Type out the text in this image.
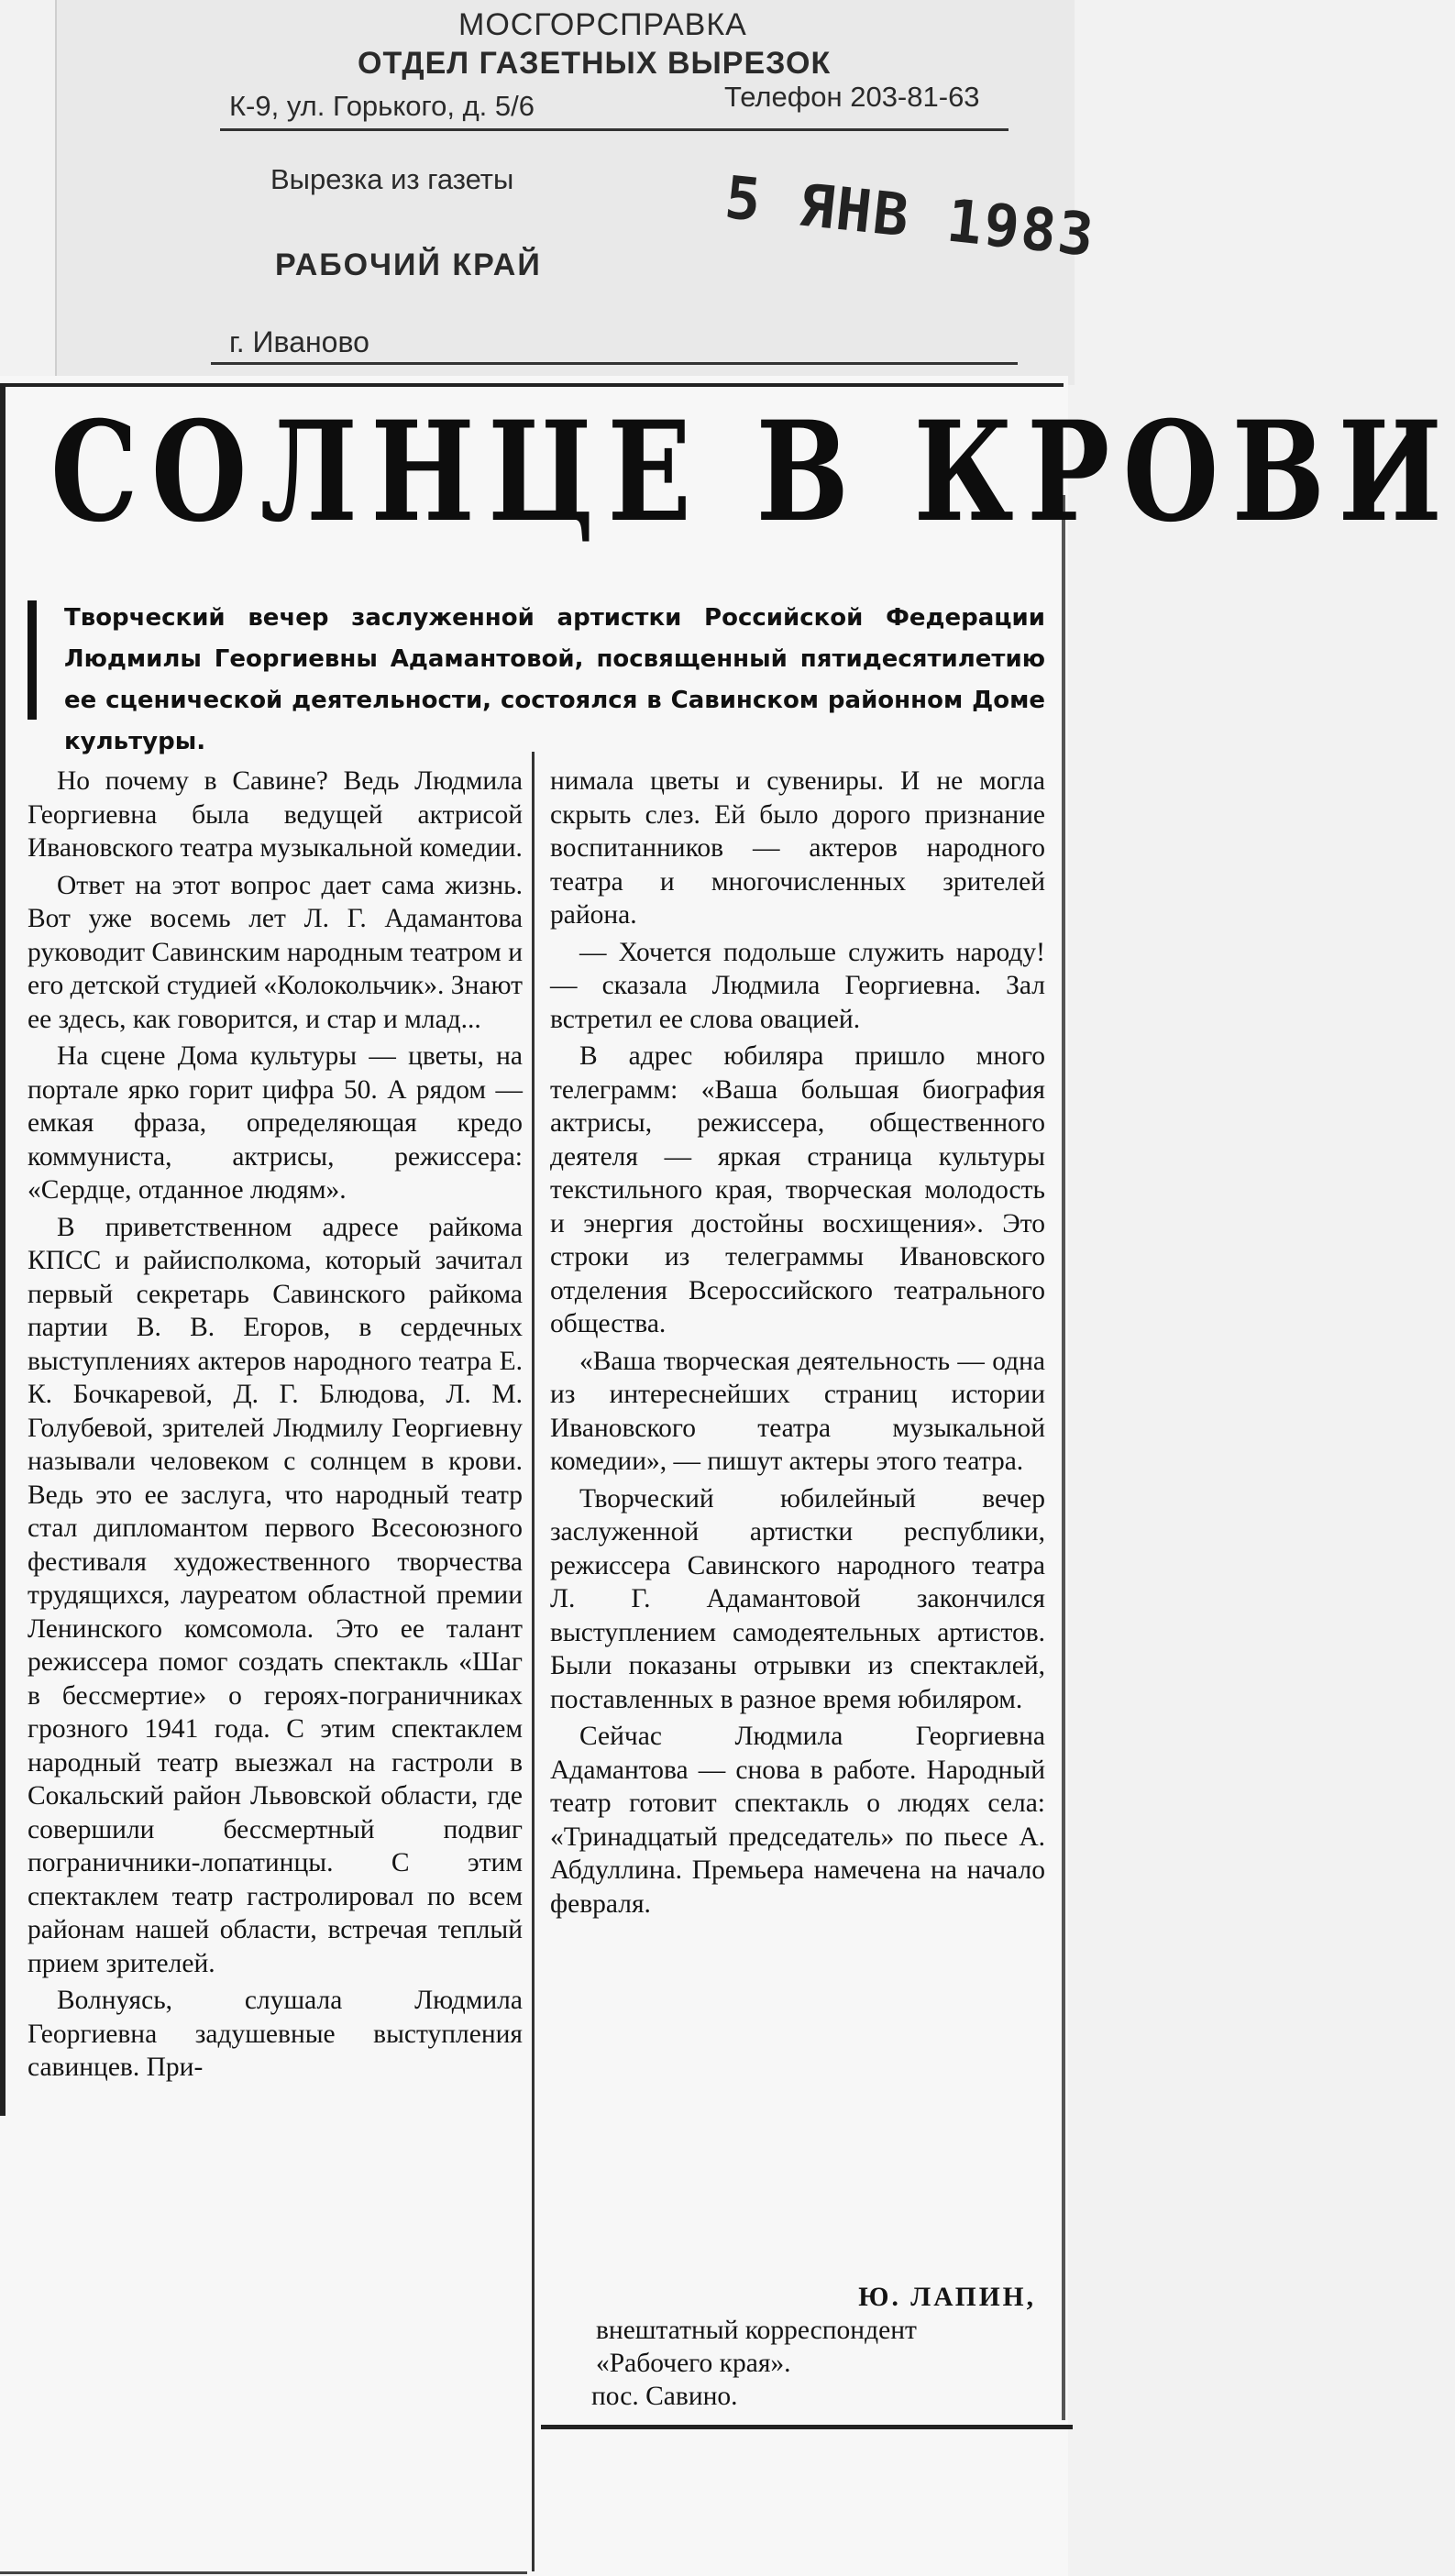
МОСГОРСПРАВКА
ОТДЕЛ ГАЗЕТНЫХ ВЫРЕЗОК
К-9, ул. Горького, д. 5/6	Телефон 203-81-63
Вырезка из газеты
РАБОЧИЙ КРАЙ
г. Иваново
5 ЯНВ 1983
СОЛНЦЕ В КРОВИ
Творческий вечер заслуженной артистки Российской Федерации Людмилы Георгиевны Адамантовой, посвященный пятидесятилетию ее сценической деятельности, состоялся в Савинском районном Доме культуры.

Но почему в Савине? Ведь Людмила Георгиевна была ведущей актрисой Ивановского театра музыкальной комедии.

Ответ на этот вопрос дает сама жизнь. Вот уже восемь лет Л. Г. Адамантова руководит Савинским народным театром и его детской студией «Колокольчик». Знают ее здесь, как говорится, и стар и млад...

На сцене Дома культуры — цветы, на портале ярко горит цифра 50. А рядом — емкая фраза, определяющая кредо коммуниста, актрисы, режиссера: «Сердце, отданное людям».

В приветственном адресе райкома КПСС и райисполкома, который зачитал первый секретарь Савинского райкома партии В. В. Егоров, в сердечных выступлениях актеров народного театра Е. К. Бочкаревой, Д. Г. Блюдова, Л. М. Голубевой, зрителей Людмилу Георгиевну называли человеком с солнцем в крови. Ведь это ее заслуга, что народный театр стал дипломантом первого Всесоюзного фестиваля художественного творчества трудящихся, лауреатом областной премии Ленинского комсомола. Это ее талант режиссера помог создать спектакль «Шаг в бессмертие» о героях-пограничниках грозного 1941 года. С этим спектаклем народный театр выезжал на гастроли в Сокальский район Львовской области, где совершили бессмертный подвиг пограничники-лопатинцы. С этим спектаклем театр гастролировал по всем районам нашей области, встречая теплый прием зрителей.

Волнуясь, слушала Людмила Георгиевна задушевные выступления савинцев. При-

нимала цветы и сувениры. И не могла скрыть слез. Ей было дорого признание воспитанников — актеров народного театра и многочисленных зрителей района.

— Хочется подольше служить народу! — сказала Людмила Георгиевна. Зал встретил ее слова овацией.

В адрес юбиляра пришло много телеграмм: «Ваша большая биография актрисы, режиссера, общественного деятеля — яркая страница культуры текстильного края, творческая молодость и энергия достойны восхищения». Это строки из телеграммы Ивановского отделения Всероссийского театрального общества.

«Ваша творческая деятельность — одна из интереснейших страниц истории Ивановского театра музыкальной комедии», — пишут актеры этого театра.

Творческий юбилейный вечер заслуженной артистки республики, режиссера Савинского народного театра Л. Г. Адамантовой закончился выступлением самодеятельных артистов. Были показаны отрывки из спектаклей, поставленных в разное время юбиляром.

Сейчас Людмила Георгиевна Адамантова — снова в работе. Народный театр готовит спектакль о людях села: «Тринадцатый председатель» по пьесе А. Абдуллина. Премьера намечена на начало февраля.

Ю. ЛАПИН,
внештатный корреспондент
«Рабочего края».
пос. Савино.
